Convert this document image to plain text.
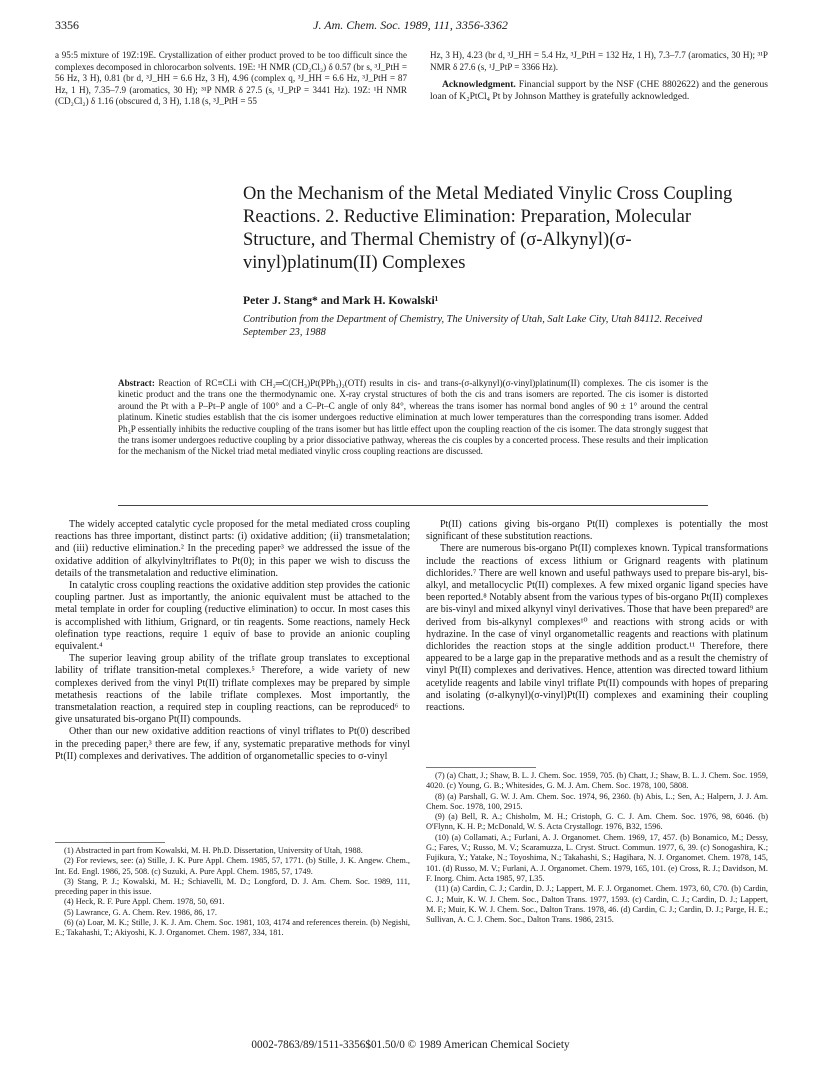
3356	J. Am. Chem. Soc. 1989, 111, 3356-3362

a 95:5 mixture of 19Z:19E. Crystallization of either product proved to be too difficult since the complexes decomposed in chlorocarbon solvents. 19E: ¹H NMR (CD₂Cl₂) δ 0.57 (br s, ³J_PtH = 56 Hz, 3 H), 0.81 (br d, ³J_HH = 6.6 Hz, 3 H), 4.96 (complex q, ³J_HH = 6.6 Hz, ³J_PtH = 87 Hz, 1 H), 7.35–7.9 (aromatics, 30 H); ³¹P NMR δ 27.5 (s, ¹J_PtP = 3441 Hz). 19Z: ¹H NMR (CD₂Cl₂) δ 1.16 (obscured d, 3 H), 1.18 (s, ³J_PtH = 55

Hz, 3 H), 4.23 (br d, ³J_HH = 5.4 Hz, ³J_PtH = 132 Hz, 1 H), 7.3–7.7 (aromatics, 30 H); ³¹P NMR δ 27.6 (s, ¹J_PtP = 3366 Hz).

Acknowledgment. Financial support by the NSF (CHE 8802622) and the generous loan of K₂PtCl₄ Pt by Johnson Matthey is gratefully acknowledged.

On the Mechanism of the Metal Mediated Vinylic Cross Coupling Reactions. 2. Reductive Elimination: Preparation, Molecular Structure, and Thermal Chemistry of (σ-Alkynyl)(σ-vinyl)platinum(II) Complexes
Peter J. Stang* and Mark H. Kowalski¹
Contribution from the Department of Chemistry, The University of Utah, Salt Lake City, Utah 84112. Received September 23, 1988
Abstract: Reaction of RC≡CLi with CH₂═C(CH₃)Pt(PPh₃)₂(OTf) results in cis- and trans-(σ-alkynyl)(σ-vinyl)platinum(II) complexes. The cis isomer is the kinetic product and the trans one the thermodynamic one. X-ray crystal structures of both the cis and trans isomers are reported. The cis isomer is distorted around the Pt with a P–Pt–P angle of 100° and a C–Pt–C angle of only 84°, whereas the trans isomer has normal bond angles of 90 ± 1° around the central platinum. Kinetic studies establish that the cis isomer undergoes reductive elimination at much lower temperatures than the corresponding trans isomer. Added Ph₃P essentially inhibits the reductive coupling of the trans isomer but has little effect upon the coupling reaction of the cis isomer. The data strongly suggest that the trans isomer undergoes reductive coupling by a prior dissociative pathway, whereas the cis couples by a concerted process. These results and their implication for the mechanism of the Nickel triad metal mediated vinylic cross coupling reactions are discussed.

The widely accepted catalytic cycle proposed for the metal mediated cross coupling reactions has three important, distinct parts: (i) oxidative addition; (ii) transmetalation; and (iii) reductive elimination.² In the preceding paper³ we addressed the issue of the oxidative addition of alkylvinyltriflates to Pt(0); in this paper we wish to discuss the details of the transmetalation and reductive elimination.

In catalytic cross coupling reactions the oxidative addition step provides the cationic coupling partner. Just as importantly, the anionic equivalent must be attached to the metal template in order for coupling (reductive elimination) to occur. In most cases this is accomplished with lithium, Grignard, or tin reagents. Some reactions, namely Heck olefination type reactions, require 1 equiv of base to provide an anionic coupling equivalent.⁴

The superior leaving group ability of the triflate group translates to exceptional lability of triflate transition-metal complexes.⁵ Therefore, a wide variety of new complexes derived from the vinyl Pt(II) triflate complexes may be prepared by simple metathesis reactions of the labile triflate complexes. Most importantly, the transmetalation reaction, a required step in coupling reactions, can be reproduced⁶ to give unsaturated bis-organo Pt(II) compounds.

Other than our new oxidative addition reactions of vinyl triflates to Pt(0) described in the preceding paper,³ there are few, if any, systematic preparative methods for vinyl Pt(II) complexes and derivatives. The addition of organometallic species to σ-vinyl

Pt(II) cations giving bis-organo Pt(II) complexes is potentially the most significant of these substitution reactions.

There are numerous bis-organo Pt(II) complexes known. Typical transformations include the reactions of excess lithium or Grignard reagents with platinum dichlorides.⁷ There are well known and useful pathways used to prepare bis-aryl, bis-alkyl, and metallocyclic Pt(II) complexes. A few mixed organic ligand species have been reported.⁸ Notably absent from the various types of bis-organo Pt(II) complexes are bis-vinyl and mixed alkynyl vinyl derivatives. Those that have been prepared⁹ are derived from bis-alkynyl complexes¹⁰ and reactions with strong acids or with hydrazine. In the case of vinyl organometallic reagents and reactions with platinum dichlorides the reaction stops at the single addition product.¹¹ Therefore, there appeared to be a large gap in the preparative methods and as a result the chemistry of vinyl Pt(II) complexes and derivatives. Hence, attention was directed toward lithium acetylide reagents and labile vinyl triflate Pt(II) compounds with hopes of preparing and isolating (σ-alkynyl)(σ-vinyl)Pt(II) complexes and examining their coupling reactions.

(1) Abstracted in part from Kowalski, M. H. Ph.D. Dissertation, University of Utah, 1988.

(2) For reviews, see: (a) Stille, J. K. Pure Appl. Chem. 1985, 57, 1771. (b) Stille, J. K. Angew. Chem., Int. Ed. Engl. 1986, 25, 508. (c) Suzuki, A. Pure Appl. Chem. 1985, 57, 1749.

(3) Stang, P. J.; Kowalski, M. H.; Schiavelli, M. D.; Longford, D. J. Am. Chem. Soc. 1989, 111, preceding paper in this issue.

(4) Heck, R. F. Pure Appl. Chem. 1978, 50, 691.

(5) Lawrance, G. A. Chem. Rev. 1986, 86, 17.

(6) (a) Loar, M. K.; Stille, J. K. J. Am. Chem. Soc. 1981, 103, 4174 and references therein. (b) Negishi, E.; Takahashi, T.; Akiyoshi, K. J. Organomet. Chem. 1987, 334, 181.

(7) (a) Chatt, J.; Shaw, B. L. J. Chem. Soc. 1959, 705. (b) Chatt, J.; Shaw, B. L. J. Chem. Soc. 1959, 4020. (c) Young, G. B.; Whitesides, G. M. J. Am. Chem. Soc. 1978, 100, 5808.

(8) (a) Parshall, G. W. J. Am. Chem. Soc. 1974, 96, 2360. (b) Abis, L.; Sen, A.; Halpern, J. J. Am. Chem. Soc. 1978, 100, 2915.

(9) (a) Bell, R. A.; Chisholm, M. H.; Cristoph, G. C. J. Am. Chem. Soc. 1976, 98, 6046. (b) O'Flynn, K. H. P.; McDonald, W. S. Acta Crystallogr. 1976, B32, 1596.

(10) (a) Collamati, A.; Furlani, A. J. Organomet. Chem. 1969, 17, 457. (b) Bonamico, M.; Dessy, G.; Fares, V.; Russo, M. V.; Scaramuzza, L. Cryst. Struct. Commun. 1977, 6, 39. (c) Sonogashira, K.; Fujikura, Y.; Yatake, N.; Toyoshima, N.; Takahashi, S.; Hagihara, N. J. Organomet. Chem. 1978, 145, 101. (d) Russo, M. V.; Furlani, A. J. Organomet. Chem. 1979, 165, 101. (e) Cross, R. J.; Davidson, M. F. Inorg. Chim. Acta 1985, 97, L35.

(11) (a) Cardin, C. J.; Cardin, D. J.; Lappert, M. F. J. Organomet. Chem. 1973, 60, C70. (b) Cardin, C. J.; Muir, K. W. J. Chem. Soc., Dalton Trans. 1977, 1593. (c) Cardin, C. J.; Cardin, D. J.; Lappert, M. F.; Muir, K. W. J. Chem. Soc., Dalton Trans. 1978, 46. (d) Cardin, C. J.; Cardin, D. J.; Parge, H. E.; Sullivan, A. C. J. Chem. Soc., Dalton Trans. 1986, 2315.

0002-7863/89/1511-3356$01.50/0 © 1989 American Chemical Society
